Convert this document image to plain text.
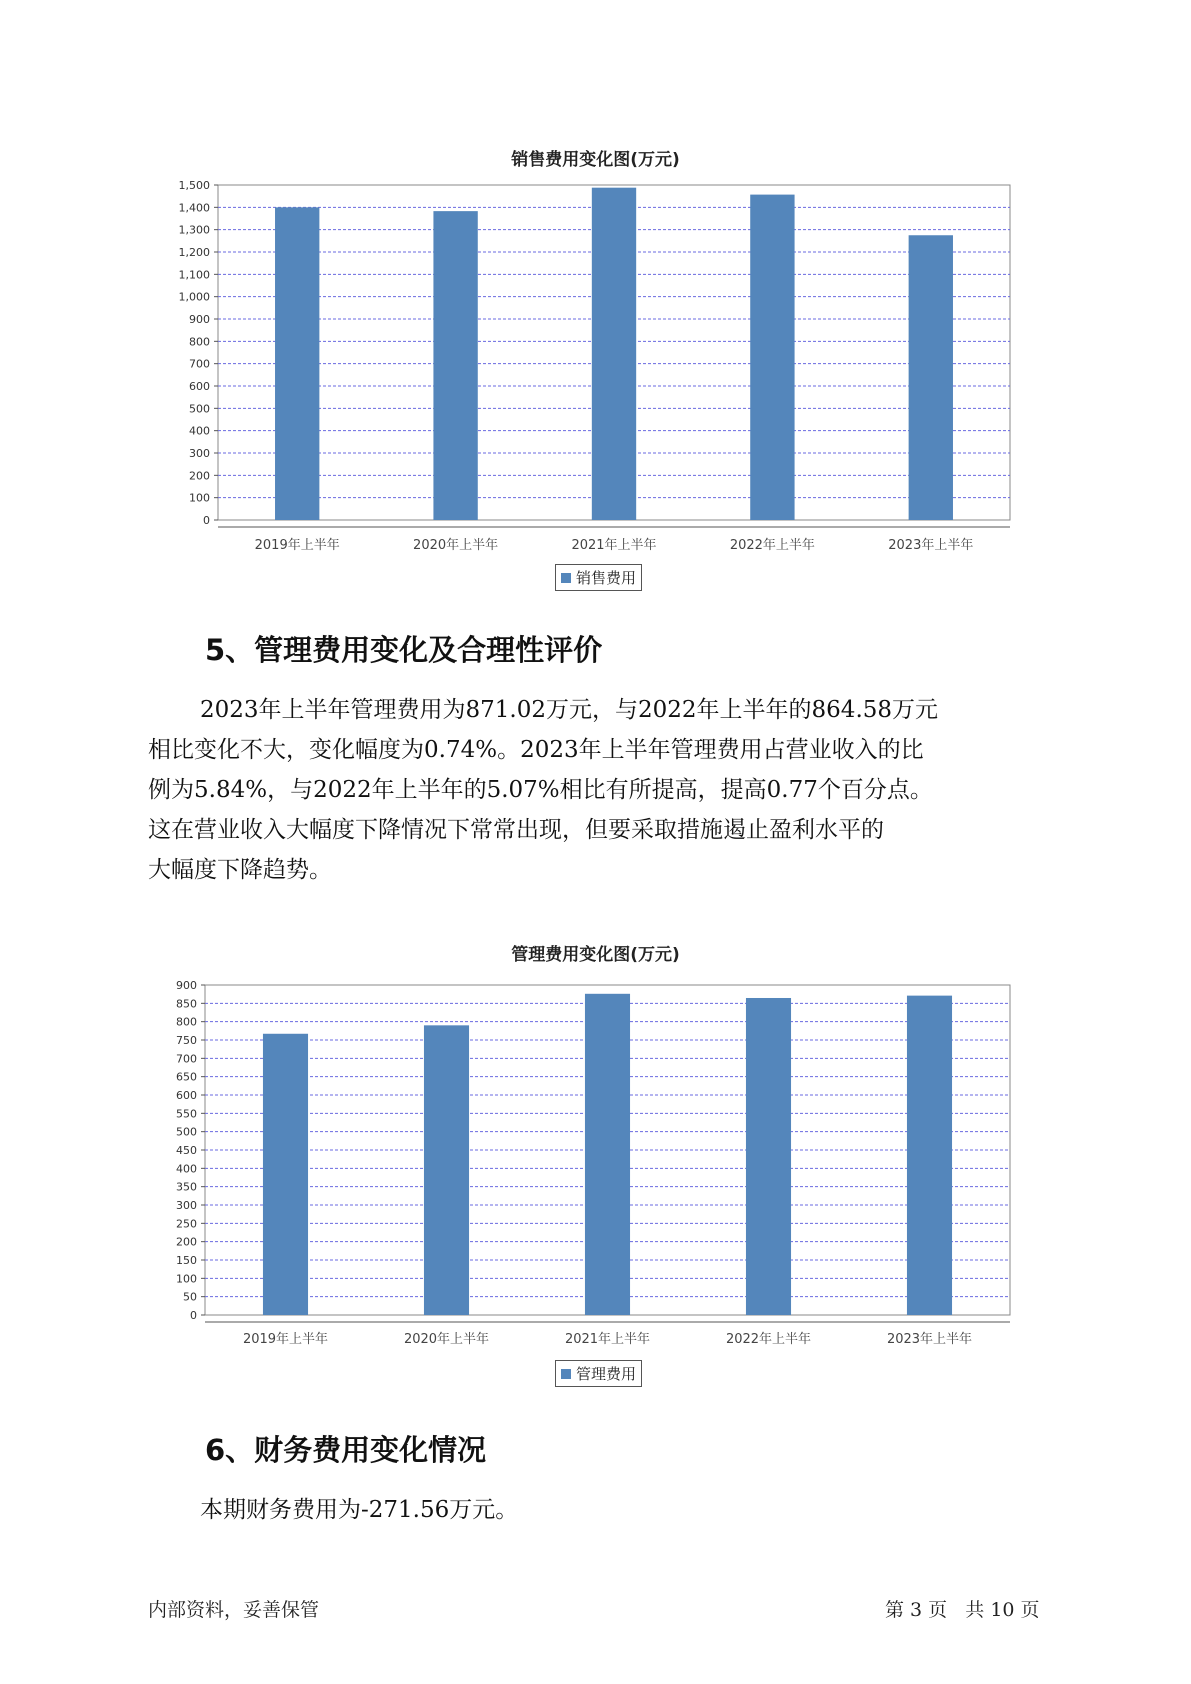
销售费用变化图(万元)
0
100
200
300
400
500
600
700
800
900
1,000
1,100
1,200
1,300
1,400
1,500
2019年上半年	2020年上半年	2021年上半年	2022年上半年	2023年上半年
销售费用
5、管理费用变化及合理性评价
2023年上半年管理费用为871.02万元，与2022年上半年的864.58万元
相比变化不大，变化幅度为0.74%。2023年上半年管理费用占营业收入的比
例为5.84%，与2022年上半年的5.07%相比有所提高，提高0.77个百分点。
这在营业收入大幅度下降情况下常常出现，但要采取措施遏止盈利水平的
大幅度下降趋势。
管理费用变化图(万元)
0
50
100
150
200
250
300
350
400
450
500
550
600
650
700
750
800
850
900
2019年上半年	2020年上半年	2021年上半年	2022年上半年	2023年上半年
管理费用
6、财务费用变化情况
本期财务费用为-271.56万元。
内部资料，妥善保管	第 3 页   共 10 页
